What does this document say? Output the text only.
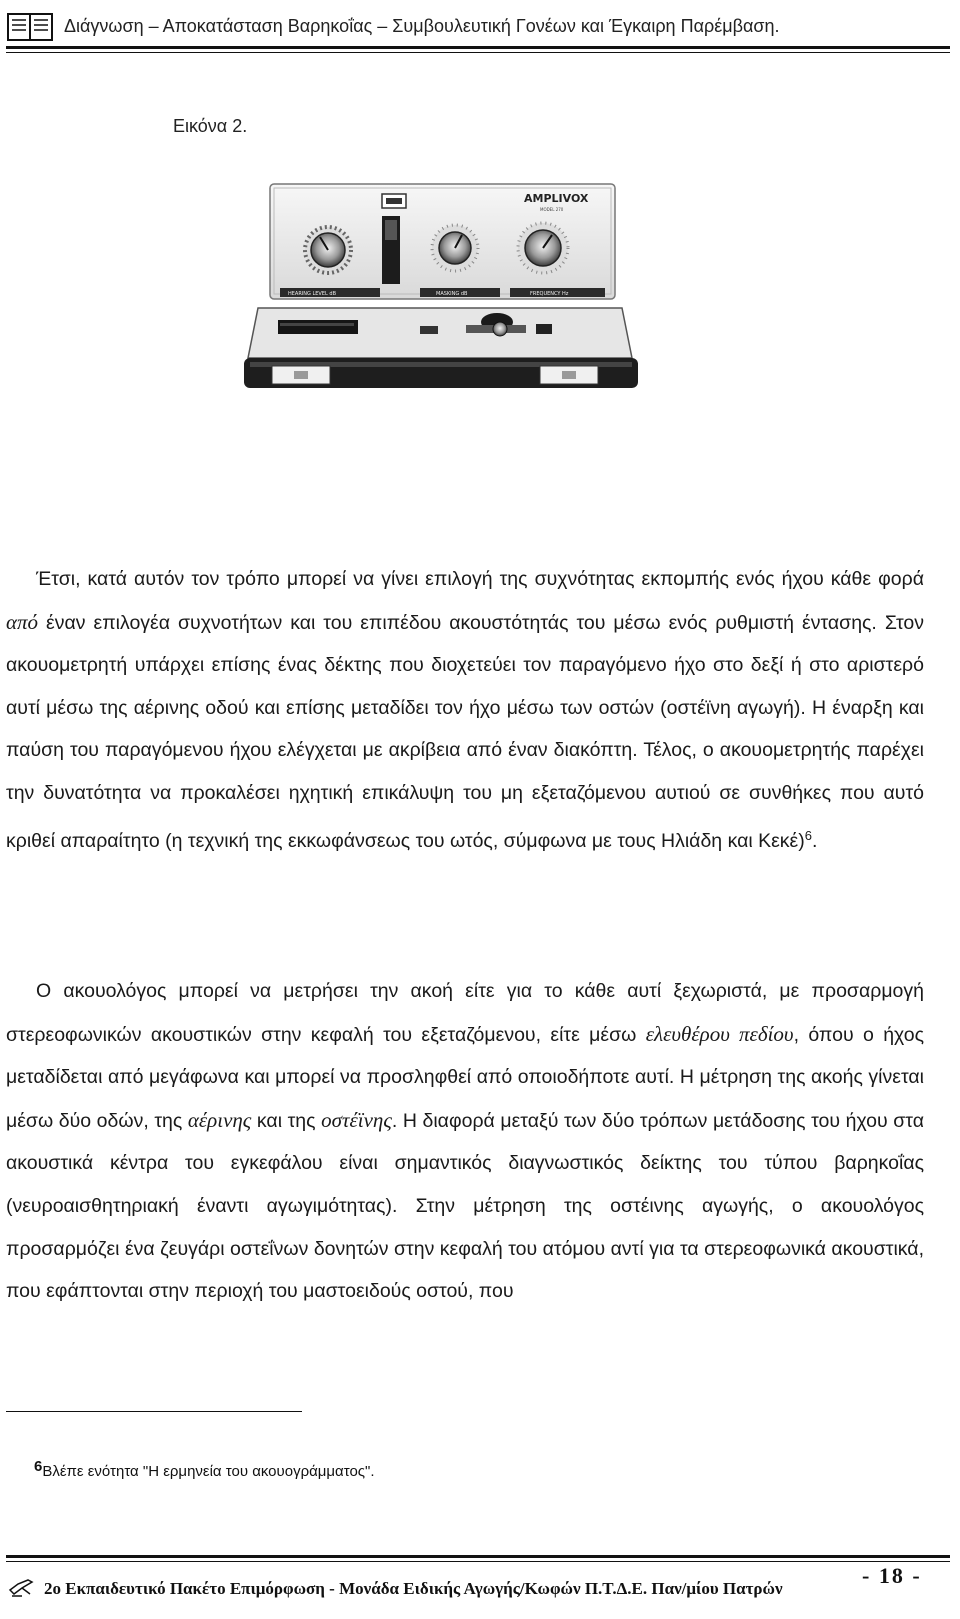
Διάγνωση – Αποκατάσταση Βαρηκοΐας – Συμβουλευτική Γονέων και Έγκαιρη Παρέμβαση.
Εικόνα 2.
AMPLIVOX
MODEL 270
HEARING LEVEL dB	MASKING dB	FREQUENCY Hz
Έτσι, κατά αυτόν τον τρόπο μπορεί να γίνει επιλογή της συχνότητας εκπομπής ενός ήχου κάθε φορά από έναν επιλογέα συχνοτήτων και του επιπέδου ακουστότητάς του μέσω ενός ρυθμιστή έντασης. Στον ακουομετρητή υπάρχει επίσης ένας δέκτης που διοχετεύει τον παραγόμενο ήχο στο δεξί ή στο αριστερό αυτί μέσω της αέρινης οδού και επίσης μεταδίδει τον ήχο μέσω των οστών (οστέϊνη αγωγή). Η έναρξη και παύση του παραγόμενου ήχου ελέγχεται με ακρίβεια από έναν διακόπτη. Τέλος, ο ακουομετρητής παρέχει την δυνατότητα να προκαλέσει ηχητική επικάλυψη του μη εξεταζόμενου αυτιού σε συνθήκες που αυτό κριθεί απαραίτητο (η τεχνική της εκκωφάνσεως του ωτός, σύμφωνα με τους Ηλιάδη και Κεκέ)$^6$.
Ο ακουολόγος μπορεί να μετρήσει την ακοή είτε για το κάθε αυτί ξεχωριστά, με προσαρμογή στερεοφωνικών ακουστικών στην κεφαλή του εξεταζόμενου, είτε μέσω ελευθέρου πεδίου, όπου ο ήχος μεταδίδεται από μεγάφωνα και μπορεί να προσληφθεί από οποιοδήποτε αυτί. Η μέτρηση της ακοής γίνεται μέσω δύο οδών, της αέρινης και της οστέϊνης. Η διαφορά μεταξύ των δύο τρόπων μετάδοσης του ήχου στα ακουστικά κέντρα του εγκεφάλου είναι σημαντικός διαγνωστικός δείκτης του τύπου βαρηκοΐας (νευροαισθητηριακή έναντι αγωγιμότητας). Στην μέτρηση της οστέινης αγωγής, ο ακουολόγος προσαρμόζει ένα ζευγάρι οστεΐνων δονητών στην κεφαλή του ατόμου αντί για τα στερεοφωνικά ακουστικά, που εφάπτονται στην περιοχή του μαστοειδούς οστού, που
6Βλέπε ενότητα "Η ερμηνεία του ακουογράμματος".
2ο Εκπαιδευτικό Πακέτο Επιμόρφωση - Μονάδα Ειδικής Αγωγής/Κωφών Π.Τ.Δ.Ε. Παν/μίου Πατρών
- 18 -
